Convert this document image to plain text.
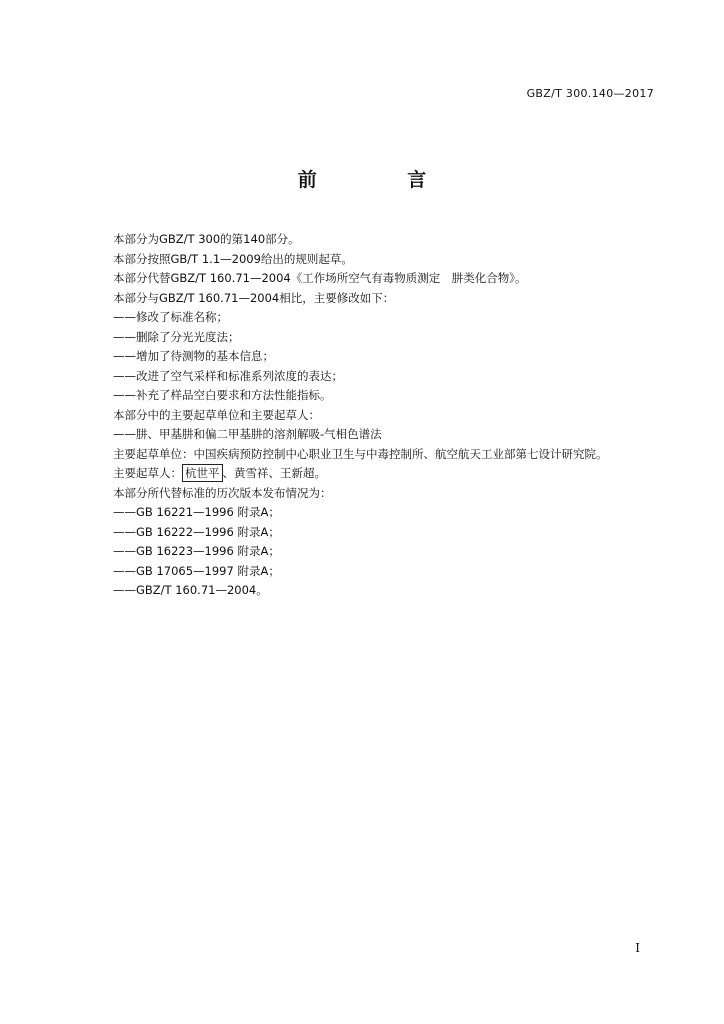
GBZ/T 300.140—2017
前 言
本部分为GBZ/T 300的第140部分。
本部分按照GB/T 1.1—2009给出的规则起草。
本部分代替GBZ/T 160.71—2004《工作场所空气有毒物质测定　肼类化合物》。
本部分与GBZ/T 160.71—2004相比，主要修改如下：
——修改了标准名称；
——删除了分光光度法；
——增加了待测物的基本信息；
——改进了空气采样和标准系列浓度的表达；
——补充了样品空白要求和方法性能指标。
本部分中的主要起草单位和主要起草人：
——肼、甲基肼和偏二甲基肼的溶剂解吸-气相色谱法
主要起草单位：中国疾病预防控制中心职业卫生与中毒控制所、航空航天工业部第七设计研究院。
主要起草人： 杭世平 、黄雪祥、王新超。
本部分所代替标准的历次版本发布情况为：
——GB 16221—1996 附录A；
——GB 16222—1996 附录A；
——GB 16223—1996 附录A；
——GB 17065—1997 附录A；
——GBZ/T 160.71—2004。
I
